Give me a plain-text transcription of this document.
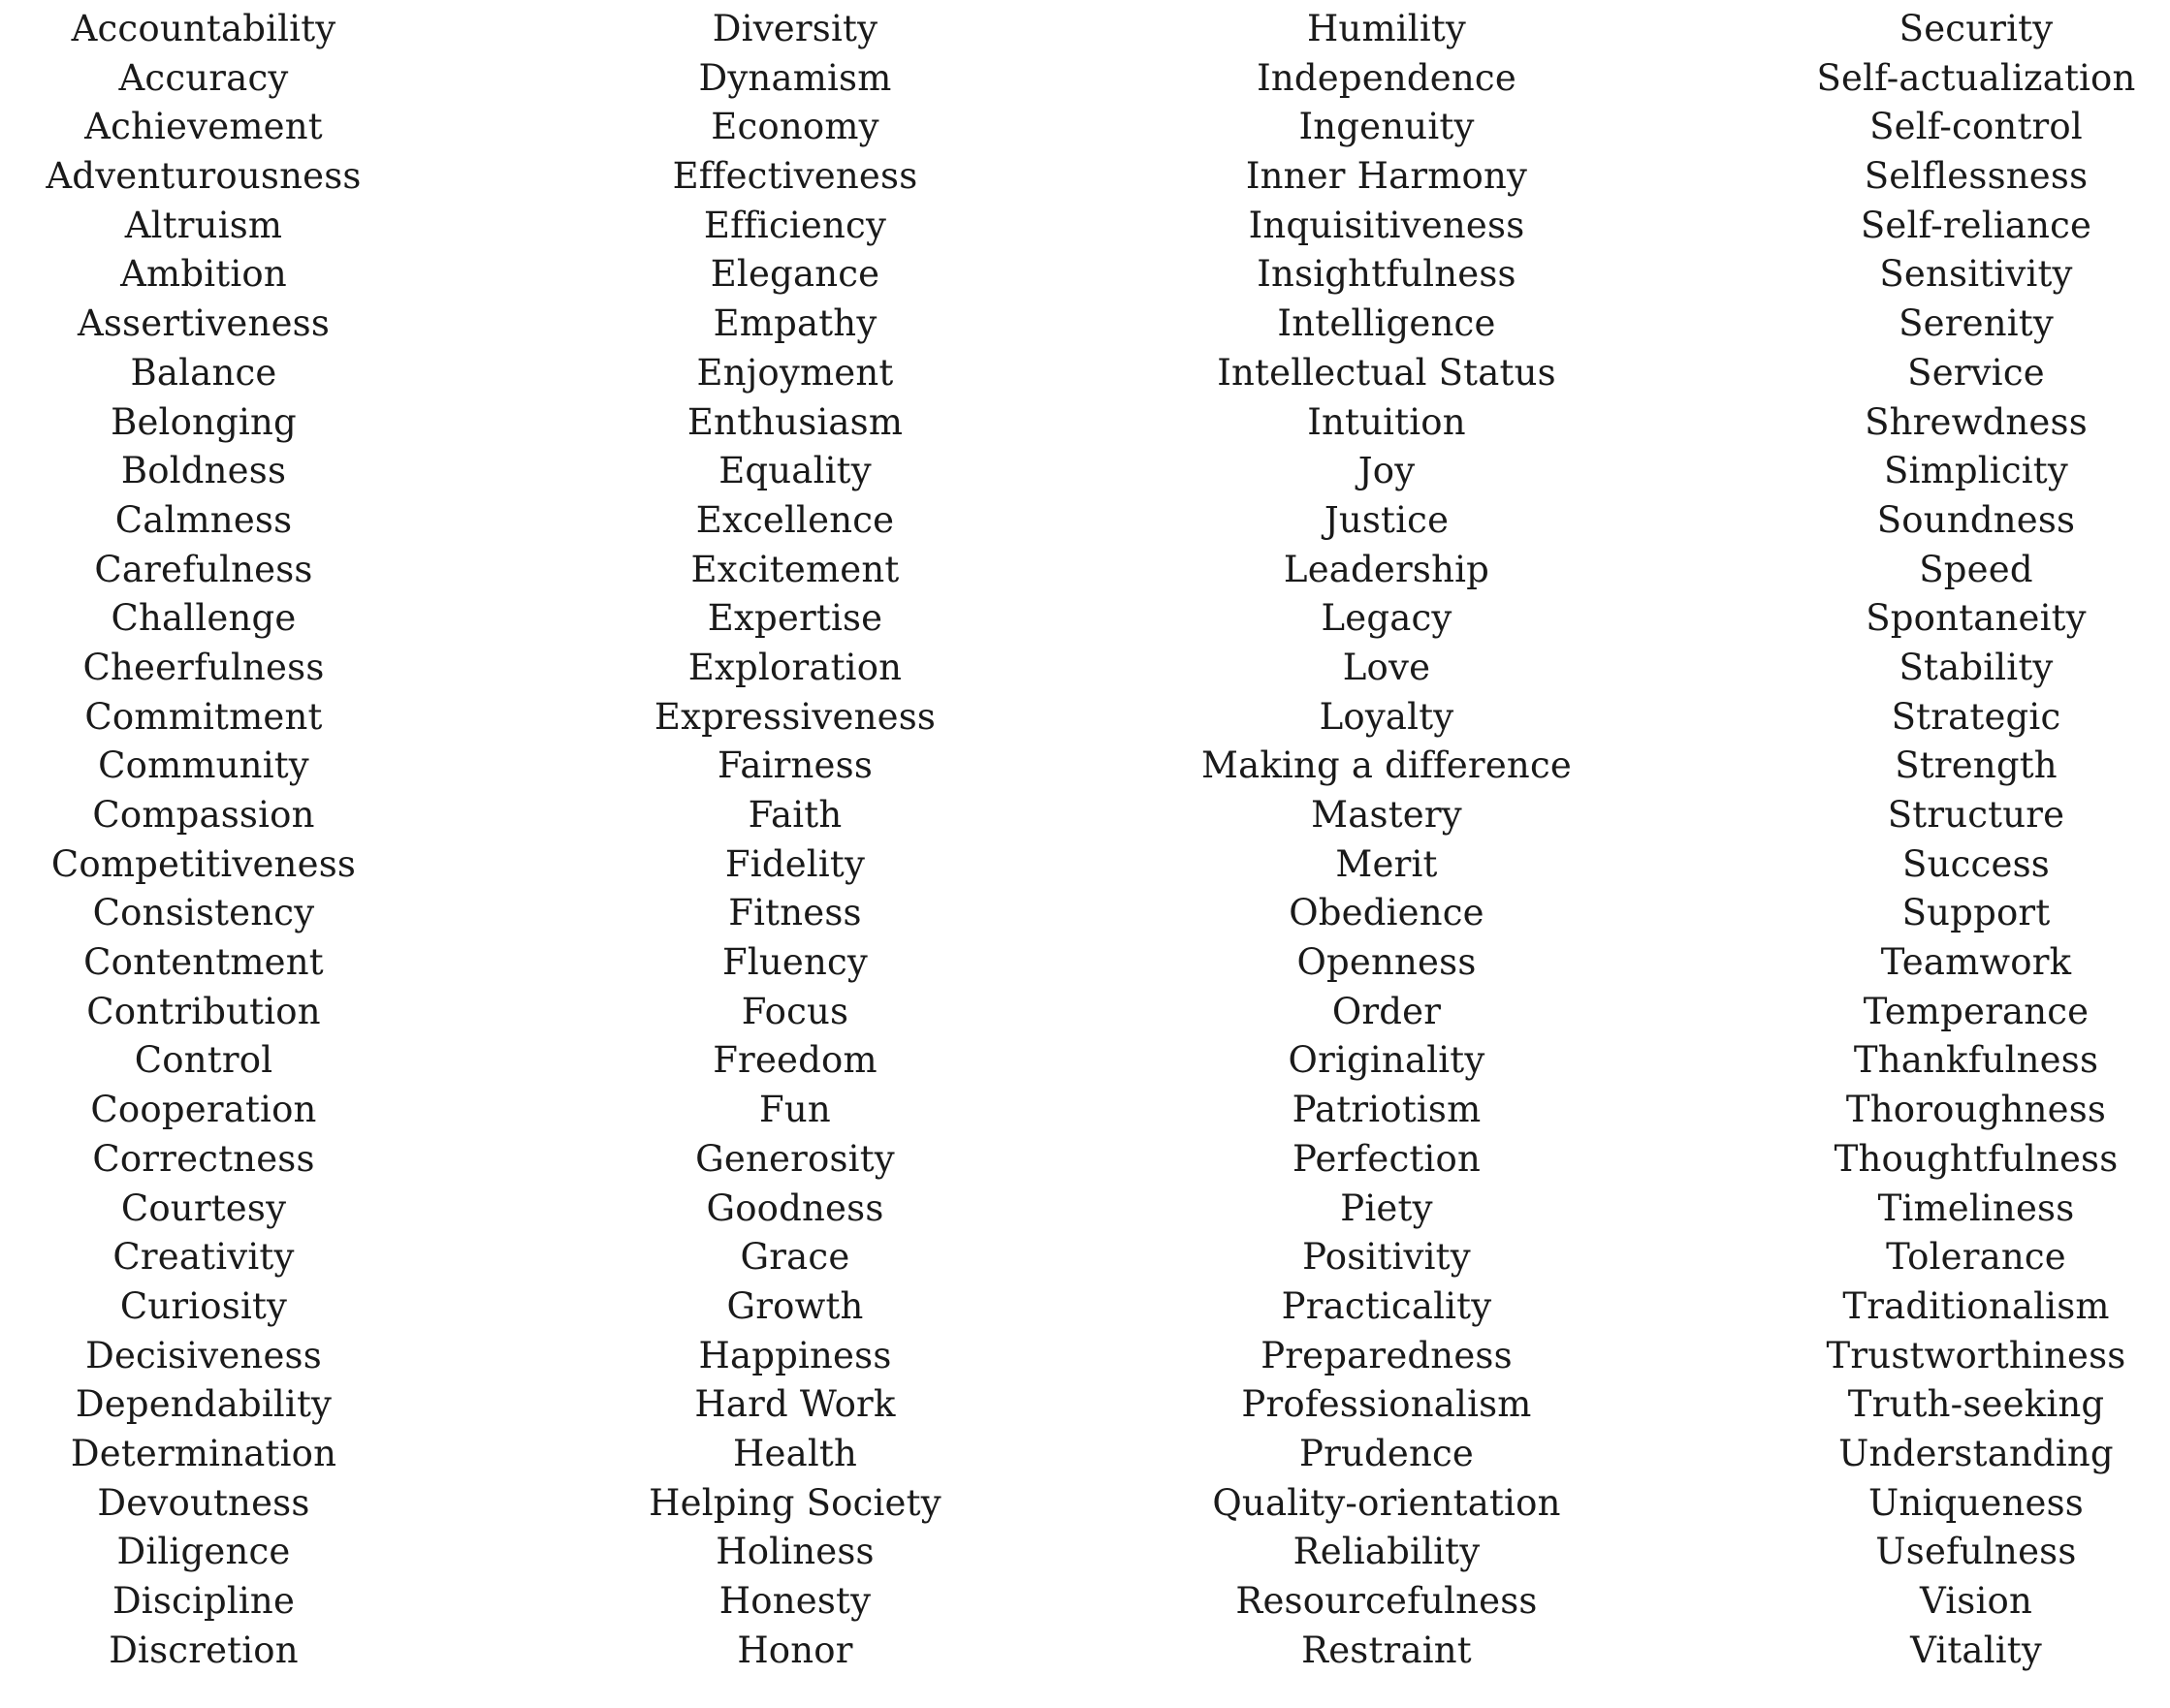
Accountability
Accuracy
Achievement
Adventurousness
Altruism
Ambition
Assertiveness
Balance
Belonging
Boldness
Calmness
Carefulness
Challenge
Cheerfulness
Commitment
Community
Compassion
Competitiveness
Consistency
Contentment
Contribution
Control
Cooperation
Correctness
Courtesy
Creativity
Curiosity
Decisiveness
Dependability
Determination
Devoutness
Diligence
Discipline
Discretion
Diversity
Dynamism
Economy
Effectiveness
Efficiency
Elegance
Empathy
Enjoyment
Enthusiasm
Equality
Excellence
Excitement
Expertise
Exploration
Expressiveness
Fairness
Faith
Fidelity
Fitness
Fluency
Focus
Freedom
Fun
Generosity
Goodness
Grace
Growth
Happiness
Hard Work
Health
Helping Society
Holiness
Honesty
Honor
Humility
Independence
Ingenuity
Inner Harmony
Inquisitiveness
Insightfulness
Intelligence
Intellectual Status
Intuition
Joy
Justice
Leadership
Legacy
Love
Loyalty
Making a difference
Mastery
Merit
Obedience
Openness
Order
Originality
Patriotism
Perfection
Piety
Positivity
Practicality
Preparedness
Professionalism
Prudence
Quality-orientation
Reliability
Resourcefulness
Restraint
Security
Self-actualization
Self-control
Selflessness
Self-reliance
Sensitivity
Serenity
Service
Shrewdness
Simplicity
Soundness
Speed
Spontaneity
Stability
Strategic
Strength
Structure
Success
Support
Teamwork
Temperance
Thankfulness
Thoroughness
Thoughtfulness
Timeliness
Tolerance
Traditionalism
Trustworthiness
Truth-seeking
Understanding
Uniqueness
Usefulness
Vision
Vitality
